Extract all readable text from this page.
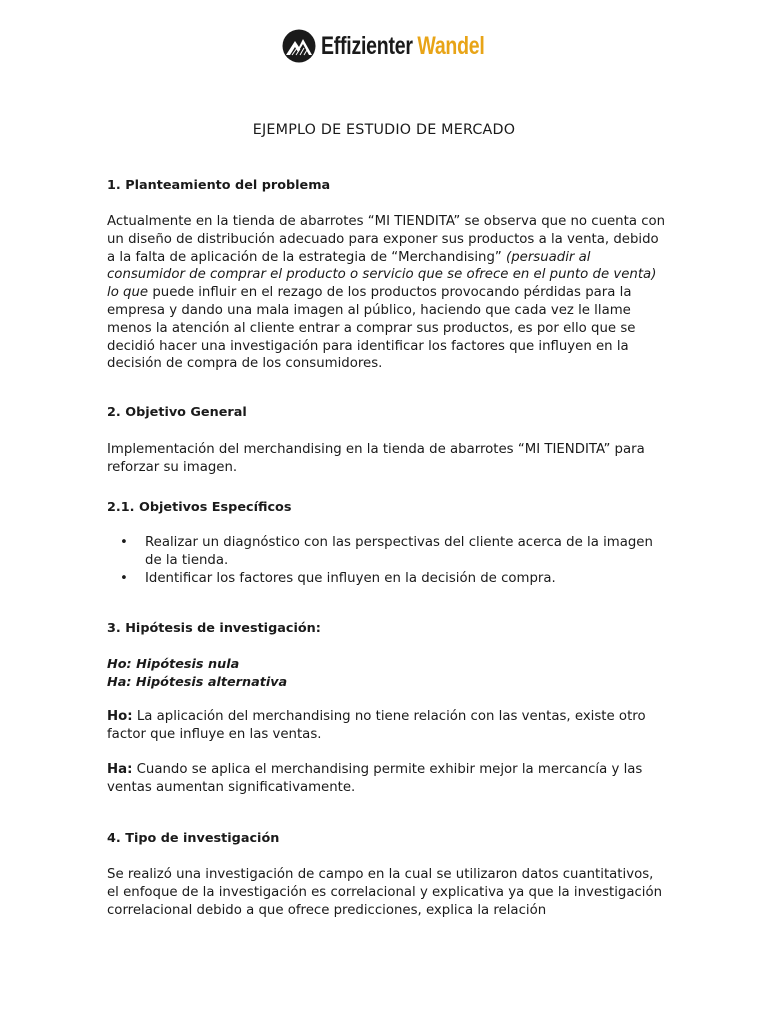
Effizienter Wandel
EJEMPLO DE ESTUDIO DE MERCADO
1. Planteamiento del problema

Actualmente en la tienda de abarrotes “MI TIENDITA” se observa que no cuenta con un diseño de distribución adecuado para exponer sus productos a la venta, debido a la falta de aplicación de la estrategia de “Merchandising” (persuadir al consumidor de comprar el producto o servicio que se ofrece en el punto de venta) lo que puede influir en el rezago de los productos provocando pérdidas para la empresa y dando una mala imagen al público, haciendo que cada vez le llame menos la atención al cliente entrar a comprar sus productos, es por ello que se decidió hacer una investigación para identificar los factores que influyen en la decisión de compra de los consumidores.

2. Objetivo General

Implementación del merchandising en la tienda de abarrotes “MI TIENDITA” para reforzar su imagen.

2.1. Objetivos Específicos
• Realizar un diagnóstico con las perspectivas del cliente acerca de la imagen de la tienda.
• Identificar los factores que influyen en la decisión de compra.
3. Hipótesis de investigación:
Ho: Hipótesis nula
Ha: Hipótesis alternativa

Ho: La aplicación del merchandising no tiene relación con las ventas, existe otro factor que influye en las ventas.

Ha: Cuando se aplica el merchandising permite exhibir mejor la mercancía y las ventas aumentan significativamente.

4. Tipo de investigación

Se realizó una investigación de campo en la cual se utilizaron datos cuantitativos, el enfoque de la investigación es correlacional y explicativa ya que la investigación correlacional debido a que ofrece predicciones, explica la relación
